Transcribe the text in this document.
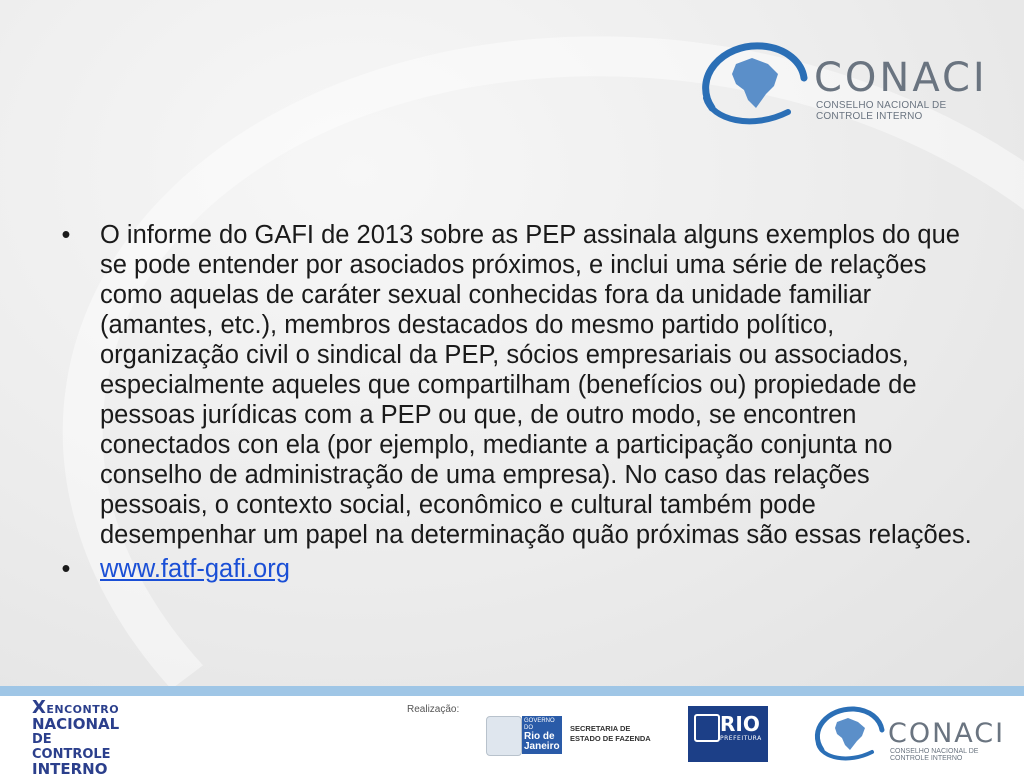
CONACI
CONSELHO NACIONAL DE CONTROLE INTERNO
• O informe do GAFI de 2013 sobre as PEP assinala alguns exemplos do que se pode entender por asociados próximos, e inclui uma série de relações como aquelas de caráter sexual conhecidas fora da unidade familiar (amantes, etc.), membros destacados do mesmo partido político, organização civil o sindical da PEP, sócios empresariais ou associados, especialmente aqueles que compartilham (benefícios ou) propiedade de pessoas jurídicas com a PEP ou que, de outro modo, se encontren conectados con ela (por ejemplo, mediante a participação conjunta no conselho de administração de uma empresa). No caso das relações pessoais, o contexto social, econômico e cultural também pode desempenhar um papel na determinação quão próximas são essas relações.
• www.fatf-gafi.org
XENCONTRO
NACIONAL
DE CONTROLE
INTERNO
Realização:
GOVERNO DO
Rio de Janeiro
SECRETARIA DE
ESTADO DE FAZENDA
RIO
PREFEITURA	CONACI
CONSELHO NACIONAL DE CONTROLE INTERNO
